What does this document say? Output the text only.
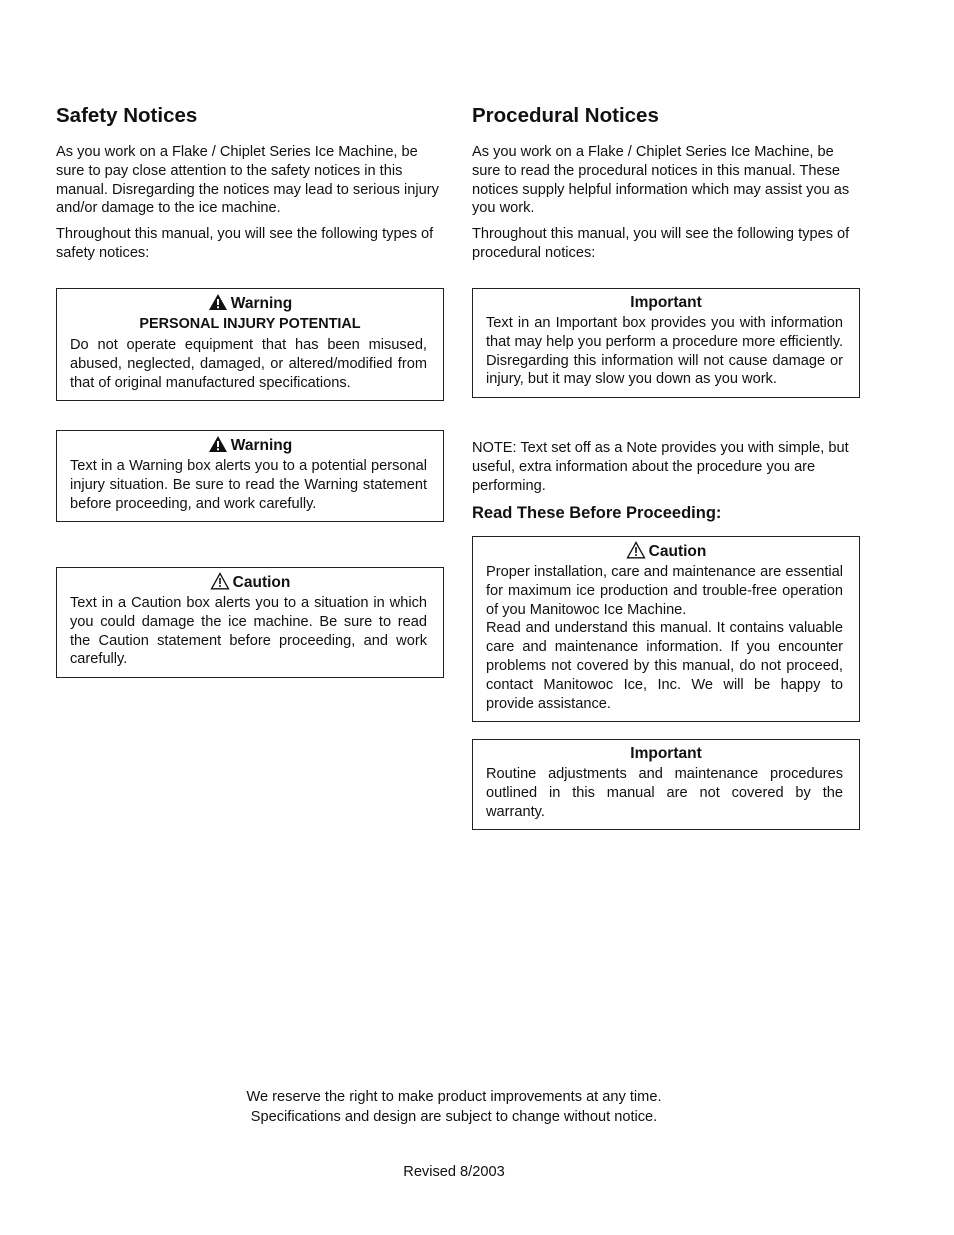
Safety Notices

As you work on a Flake / Chiplet Series Ice Machine, be sure to pay close attention to the safety notices in this manual. Disregarding the notices may lead to serious injury and/or damage to the ice machine.

Throughout this manual, you will see the following types of safety notices:

Warning
PERSONAL INJURY POTENTIAL
Do not operate equipment that has been misused, abused, neglected, damaged, or altered/modified from that of original manufactured specifications.
Warning
Text in a Warning box alerts you to a potential personal injury situation. Be sure to read the Warning statement before proceeding, and work carefully.
Caution
Text in a Caution box alerts you to a situation in which you could damage the ice machine. Be sure to read the Caution statement before proceeding, and work carefully.
Procedural Notices

As you work on a Flake / Chiplet Series Ice Machine, be sure to read the procedural notices in this manual. These notices supply helpful information which may assist you as you work.

Throughout this manual, you will see the following types of procedural notices:

Important
Text in an Important box provides you with information that may help you perform a procedure more efficiently. Disregarding this information will not cause damage or injury, but it may slow you down as you work.
NOTE: Text set off as a Note provides you with simple, but useful, extra information about the procedure you are performing.
Read These Before Proceeding:
Caution
Proper installation, care and maintenance are essential for maximum ice production and trouble-free operation of you Manitowoc Ice Machine.
Read and understand this manual. It contains valuable care and maintenance information. If you encounter problems not covered by this manual, do not proceed, contact Manitowoc Ice, Inc. We will be happy to provide assistance.
Important
Routine adjustments and maintenance procedures outlined in this manual are not covered by the warranty.
We reserve the right to make product improvements at any time.
Specifications and design are subject to change without notice.
Revised 8/2003
